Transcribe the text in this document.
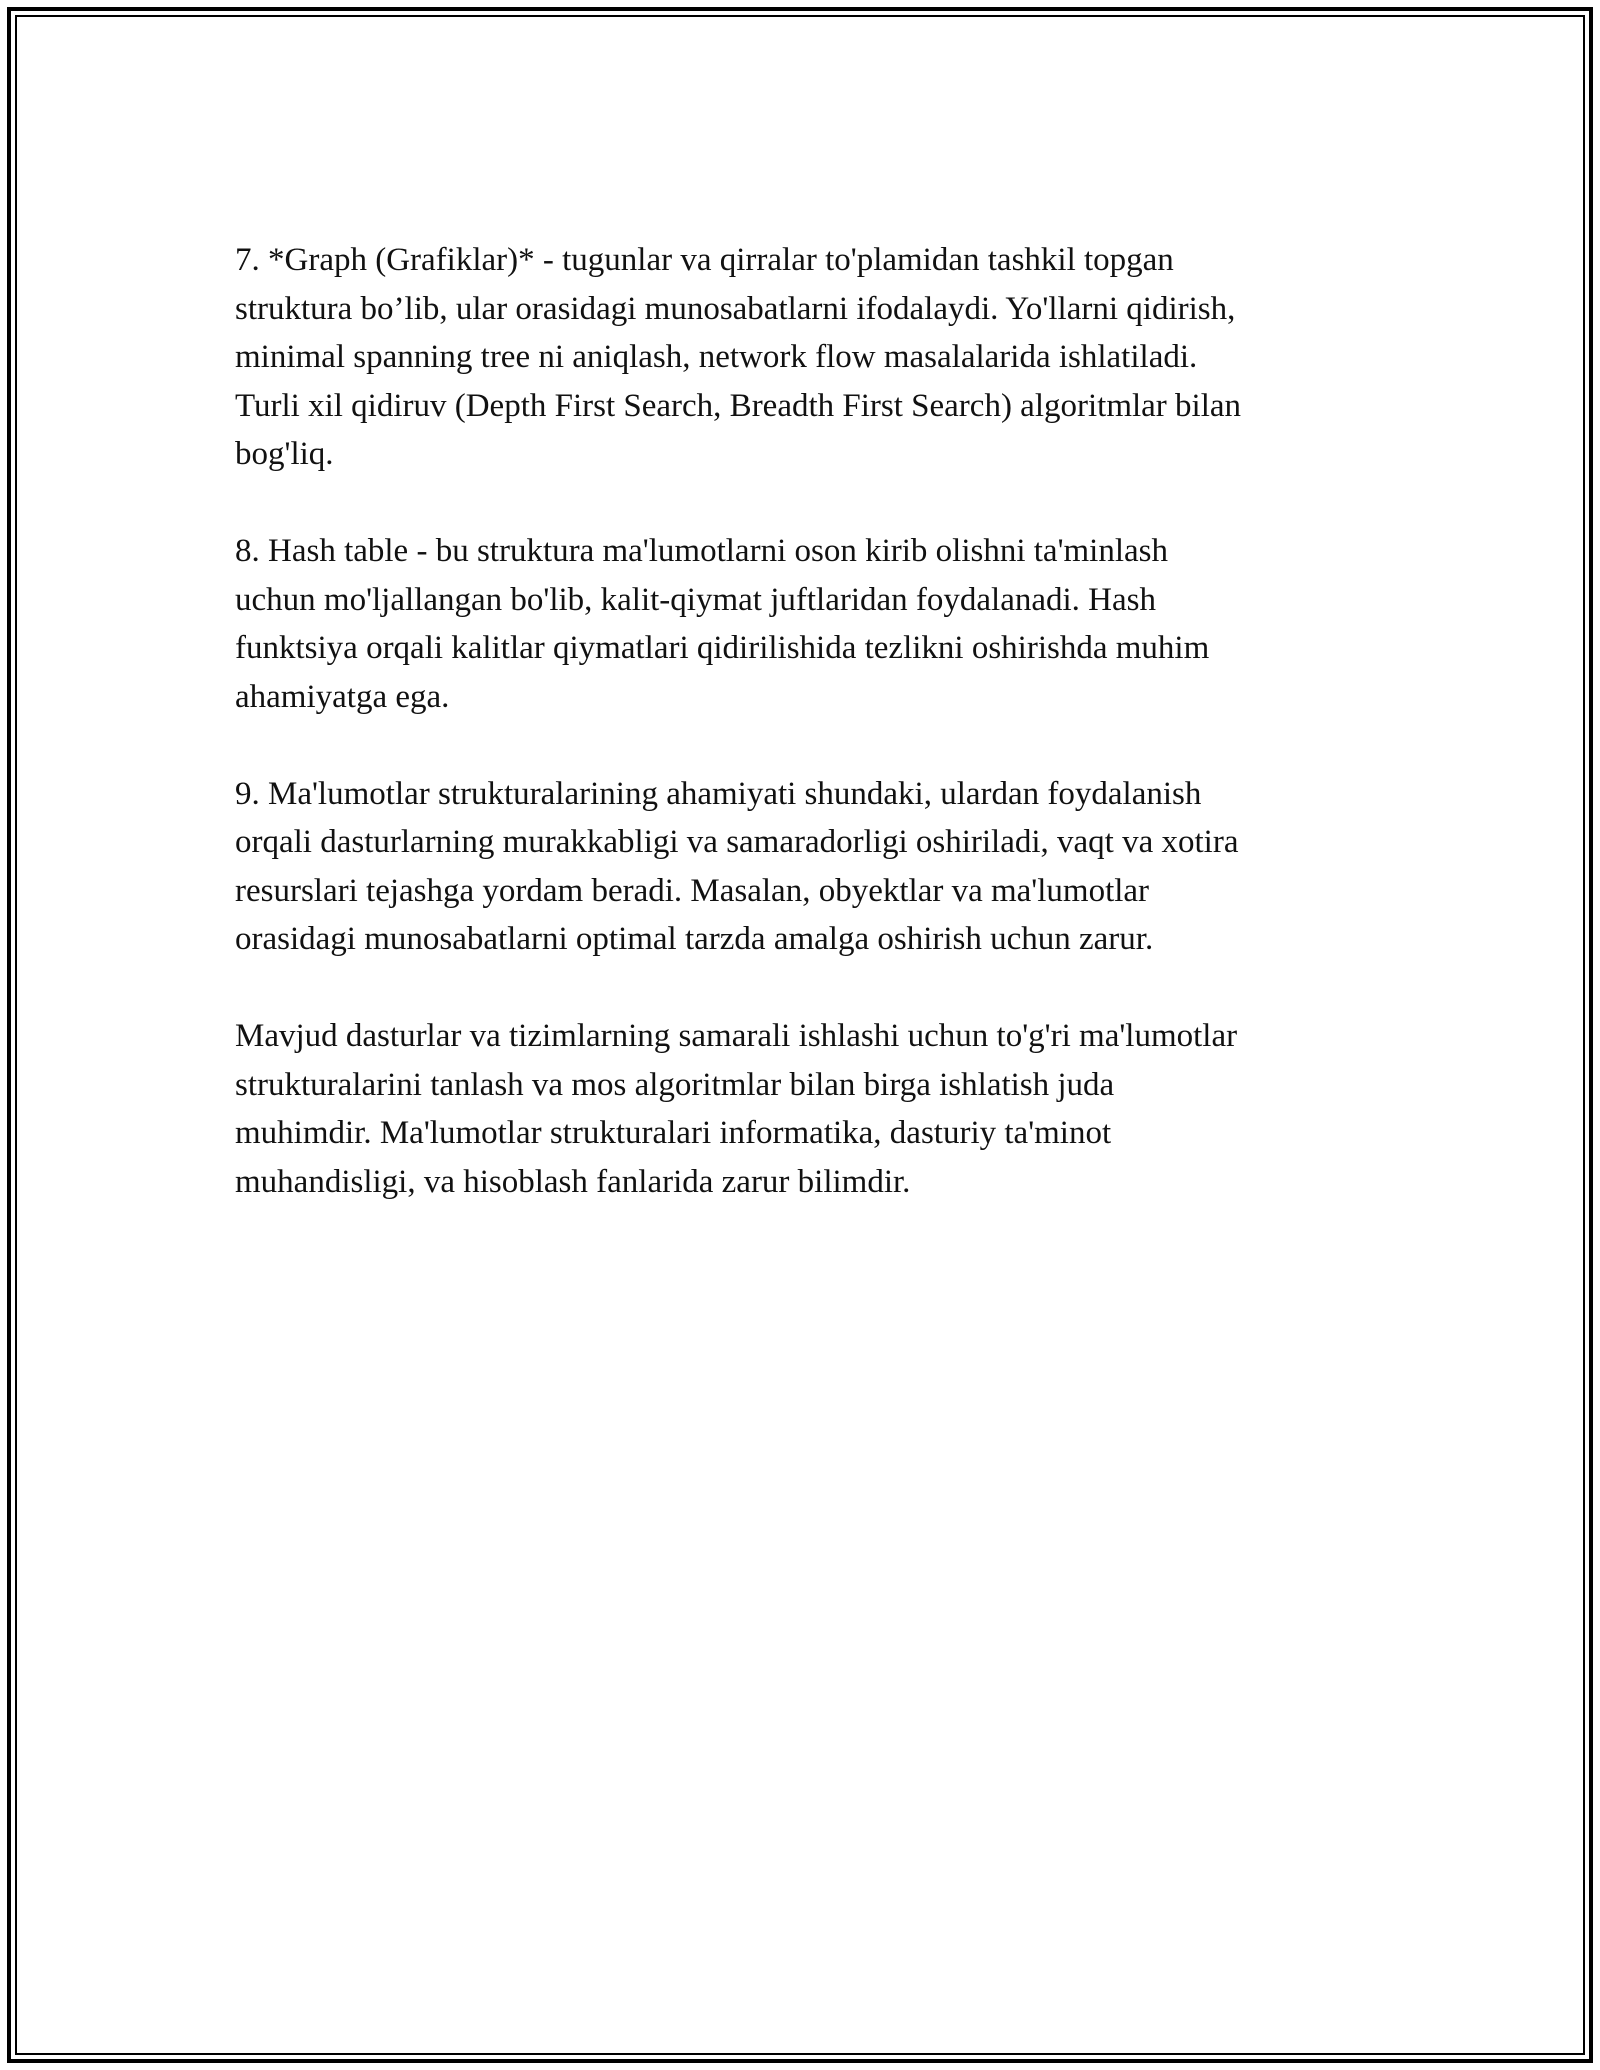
7. *Graph (Grafiklar)* - tugunlar va qirralar to'plamidan tashkil topgan
struktura bo’lib, ular orasidagi munosabatlarni ifodalaydi. Yo'llarni qidirish,
minimal spanning tree ni aniqlash, network flow masalalarida ishlatiladi.
Turli xil qidiruv (Depth First Search, Breadth First Search) algoritmlar bilan
bog'liq.

8. Hash table - bu struktura ma'lumotlarni oson kirib olishni ta'minlash
uchun mo'ljallangan bo'lib, kalit-qiymat juftlaridan foydalanadi. Hash
funktsiya orqali kalitlar qiymatlari qidirilishida tezlikni oshirishda muhim
ahamiyatga ega.

9. Ma'lumotlar strukturalarining ahamiyati shundaki, ulardan foydalanish
orqali dasturlarning murakkabligi va samaradorligi oshiriladi, vaqt va xotira
resurslari tejashga yordam beradi. Masalan, obyektlar va ma'lumotlar
orasidagi munosabatlarni optimal tarzda amalga oshirish uchun zarur.

Mavjud dasturlar va tizimlarning samarali ishlashi uchun to'g'ri ma'lumotlar
strukturalarini tanlash va mos algoritmlar bilan birga ishlatish juda
muhimdir. Ma'lumotlar strukturalari informatika, dasturiy ta'minot
muhandisligi, va hisoblash fanlarida zarur bilimdir.
